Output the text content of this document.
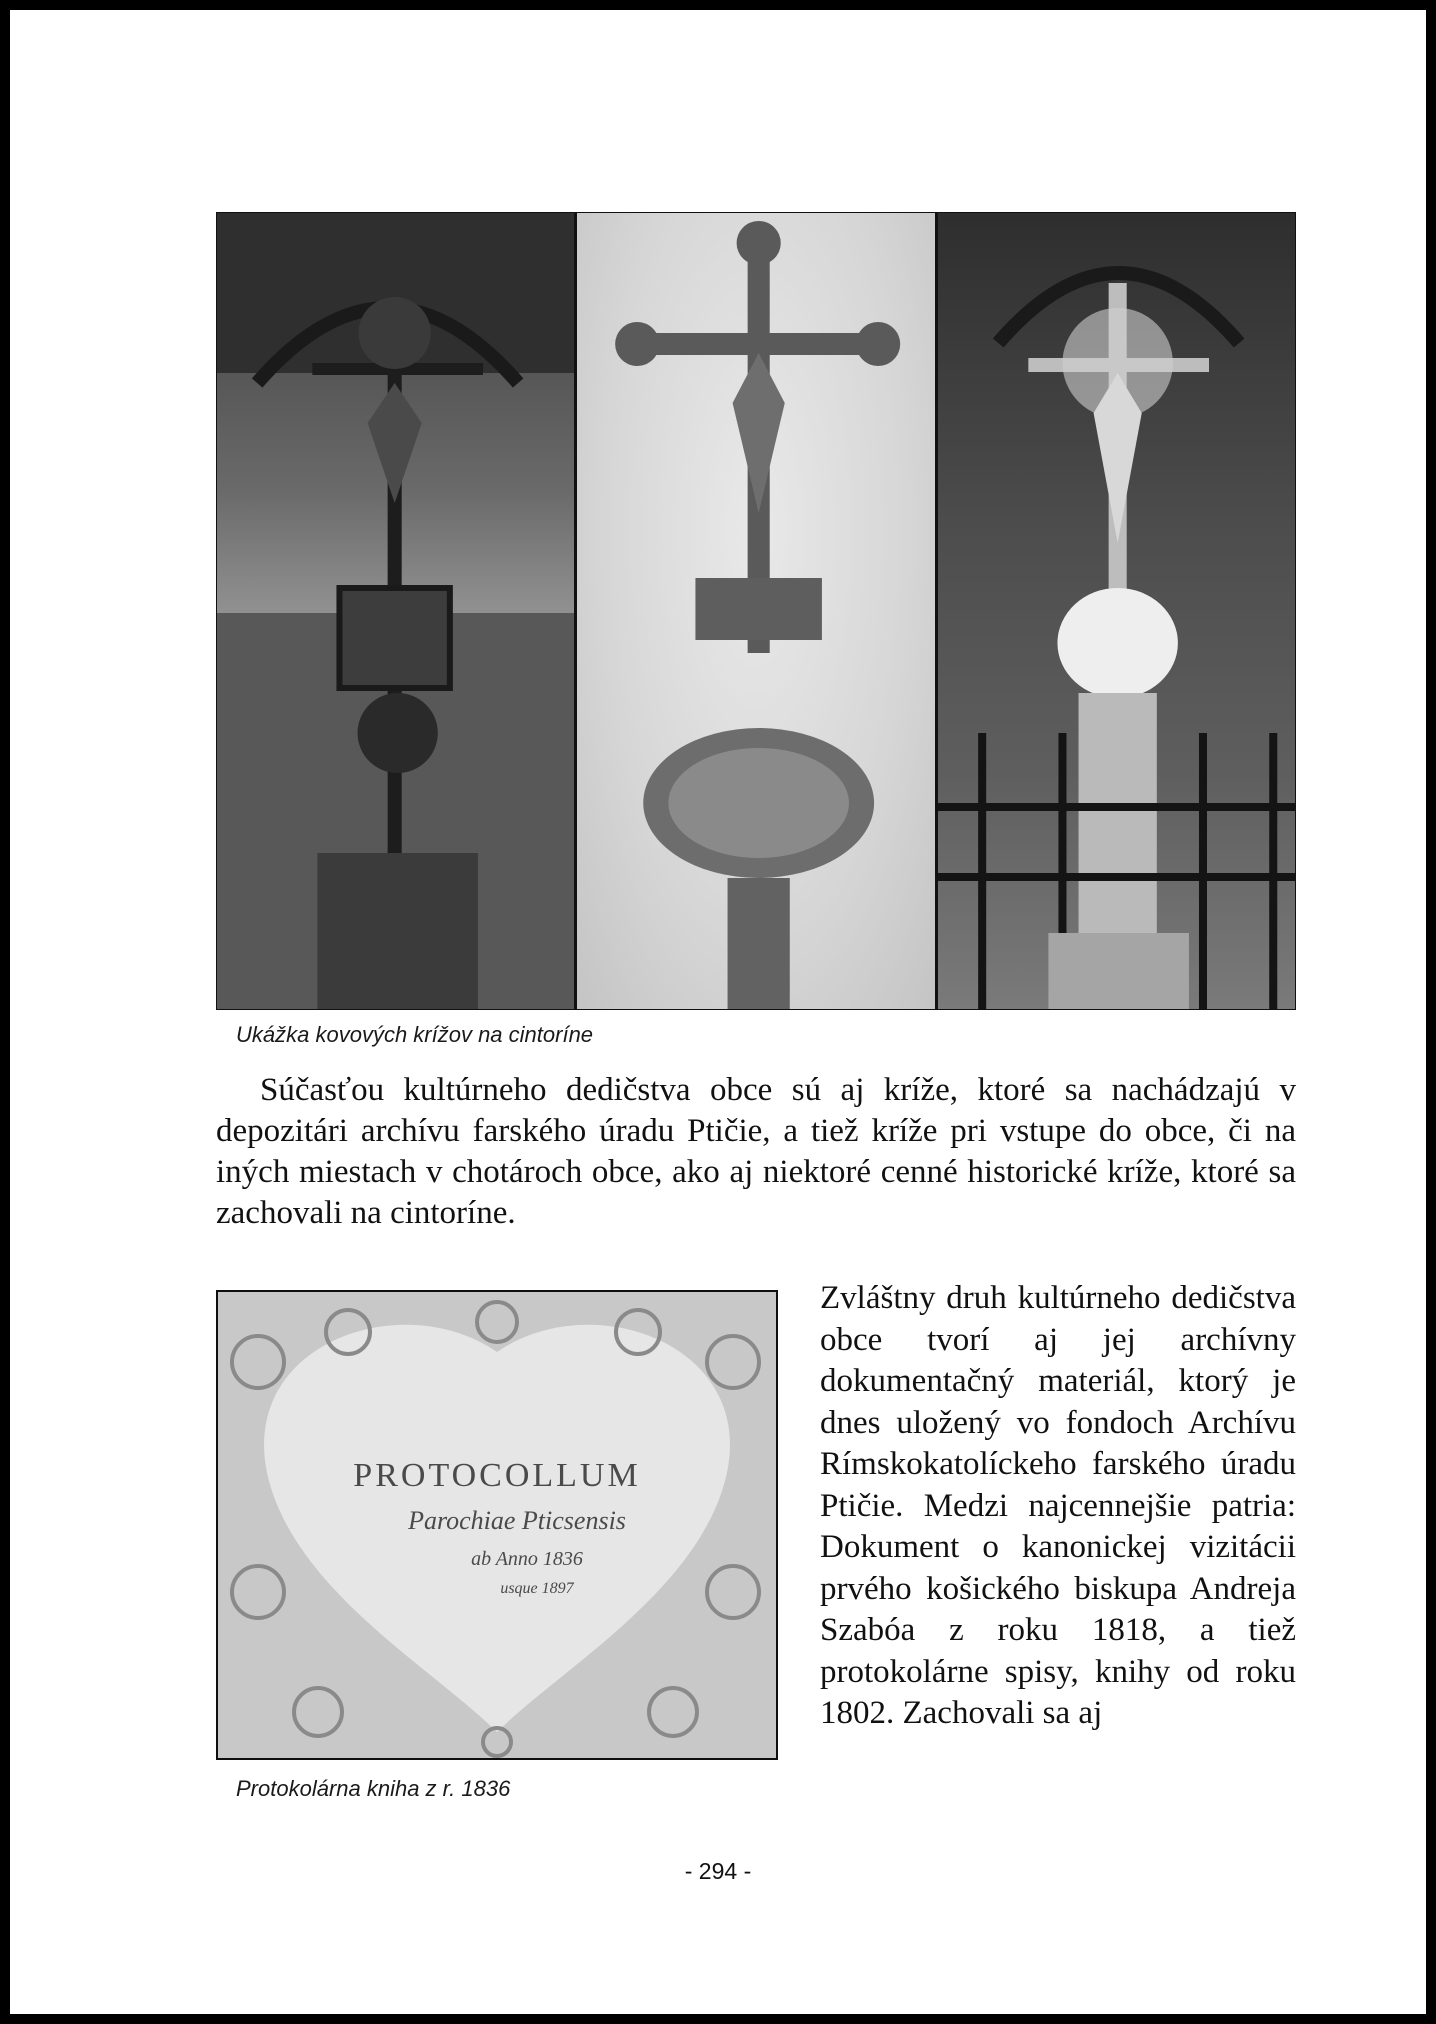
Ukážka kovových krížov na cintoríne

Súčasťou kultúrneho dedičstva obce sú aj kríže, ktoré sa nachádzajú v depozitári archívu farského úradu Ptičie, a tiež kríže pri vstupe do obce, či na iných miestach v chotároch obce, ako aj niektoré cenné historické kríže, ktoré sa zachovali na cintoríne.

PROTOCOLLUM
Parochiae Pticsensis
ab Anno 1836
usque 1897
Protokolárna kniha z r. 1836

Zvláštny druh kultúrneho dedičstva obce tvorí aj jej archívny dokumentačný materiál, ktorý je dnes uložený vo fondoch Archívu Rímskokatolíckeho farského úradu Ptičie. Medzi najcennejšie patria: Dokument o kanonickej vizitácii prvého košického biskupa Andreja Szabóa z roku 1818, a tiež protokolárne spisy, knihy od roku 1802. Zachovali sa aj

- 294 -
